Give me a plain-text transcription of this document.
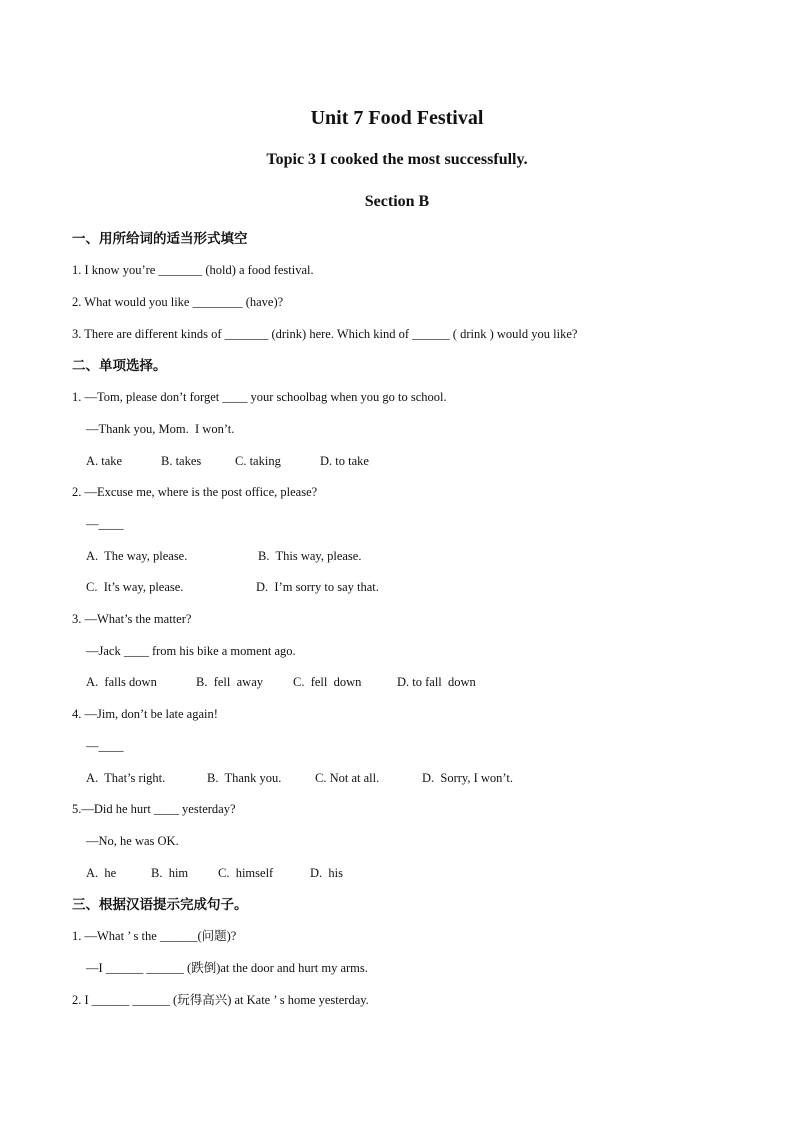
Unit 7 Food Festival
Topic 3 I cooked the most successfully.
Section B
一、用所给词的适当形式填空
1. I know you’re _______ (hold) a food festival.
2. What would you like ________ (have)?
3. There are different kinds of _______ (drink) here. Which kind of ______ ( drink ) would you like?
二、单项选择。
1. —Tom, please don’t forget ____ your schoolbag when you go to school.
—Thank you, Mom.  I won’t.
A. take	B. takes	C. taking	D. to take
2. —Excuse me, where is the post office, please?
—____
A.  The way, please.	B.  This way, please.
C.  It’s way, please.	D.  I’m sorry to say that.
3. —What’s the matter?
—Jack ____ from his bike a moment ago.
A.  falls down	B.  fell  away C.  fell  down	D. to fall  down
4. —Jim, don’t be late again!
—____
A.  That’s right.	B.  Thank you.	C. Not at all.	D.  Sorry, I won’t.
5.—Did he hurt ____ yesterday?
—No, he was OK.
A.  he	B.  him C.  himself	D.  his
三、根据汉语提示完成句子。
1. —What ’ s the ______(问题)?
—I ______ ______ (跌倒)at the door and hurt my arms.
2. I ______ ______ (玩得高兴) at Kate ’ s home yesterday.
